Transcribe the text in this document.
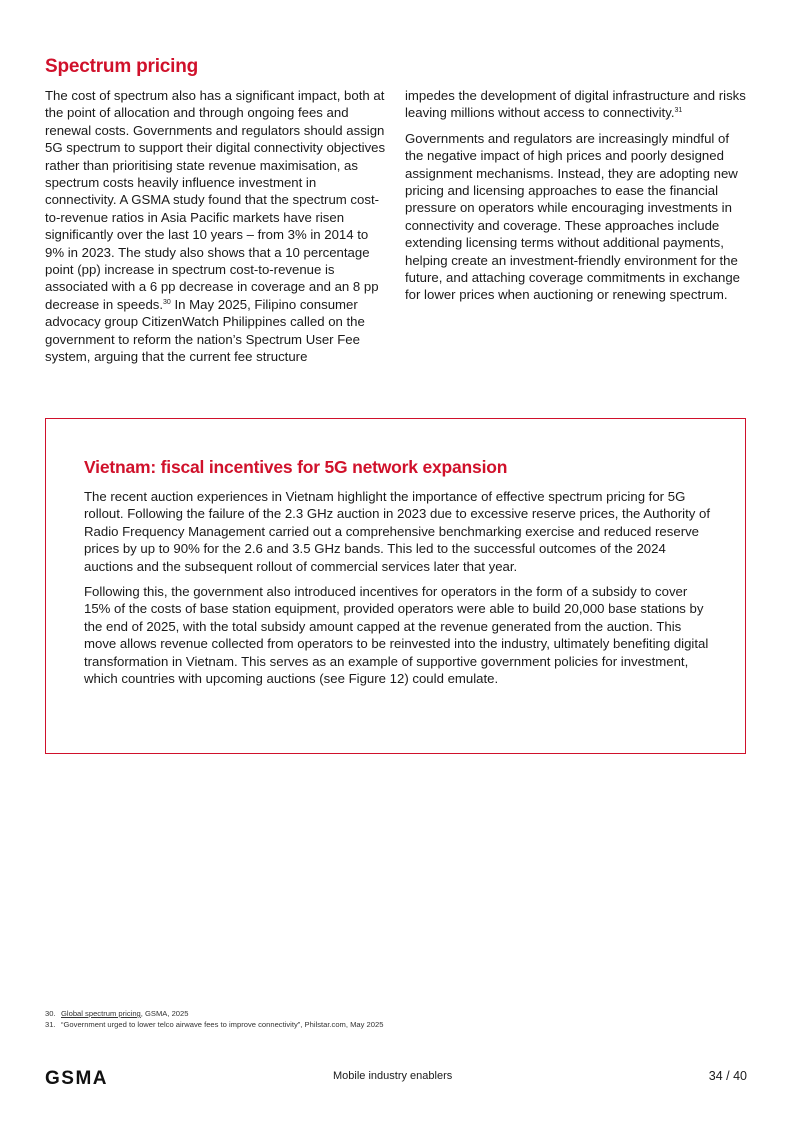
Spectrum pricing

The cost of spectrum also has a significant impact, both at the point of allocation and through ongoing fees and renewal costs. Governments and regulators should assign 5G spectrum to support their digital connectivity objectives rather than prioritising state revenue maximisation, as spectrum costs heavily influence investment in connectivity. A GSMA study found that the spectrum cost-to-revenue ratios in Asia Pacific markets have risen significantly over the last 10 years – from 3% in 2014 to 9% in 2023. The study also shows that a 10 percentage point (pp) increase in spectrum cost-to-revenue is associated with a 6 pp decrease in coverage and an 8 pp decrease in speeds.$^{30}$ In May 2025, Filipino consumer advocacy group CitizenWatch Philippines called on the government to reform the nation’s Spectrum User Fee system, arguing that the current fee structure

impedes the development of digital infrastructure and risks leaving millions without access to connectivity.$^{31}$

Governments and regulators are increasingly mindful of the negative impact of high prices and poorly designed assignment mechanisms. Instead, they are adopting new pricing and licensing approaches to ease the financial pressure on operators while encouraging investments in connectivity and coverage. These approaches include extending licensing terms without additional payments, helping create an investment-friendly environment for the future, and attaching coverage commitments in exchange for lower prices when auctioning or renewing spectrum.

Vietnam: fiscal incentives for 5G network expansion

The recent auction experiences in Vietnam highlight the importance of effective spectrum pricing for 5G rollout. Following the failure of the 2.3 GHz auction in 2023 due to excessive reserve prices, the Authority of Radio Frequency Management carried out a comprehensive benchmarking exercise and reduced reserve prices by up to 90% for the 2.6 and 3.5 GHz bands. This led to the successful outcomes of the 2024 auctions and the subsequent rollout of commercial services later that year.

Following this, the government also introduced incentives for operators in the form of a subsidy to cover 15% of the costs of base station equipment, provided operators were able to build 20,000 base stations by the end of 2025, with the total subsidy amount capped at the revenue generated from the auction. This move allows revenue collected from operators to be reinvested into the industry, ultimately benefiting digital transformation in Vietnam. This serves as an example of supportive government policies for investment, which countries with upcoming auctions (see Figure 12) could emulate.

30. Global spectrum pricing, GSMA, 2025
31. “Government urged to lower telco airwave fees to improve connectivity”, Philstar.com, May 2025
GSMA	Mobile industry enablers	34 / 40
